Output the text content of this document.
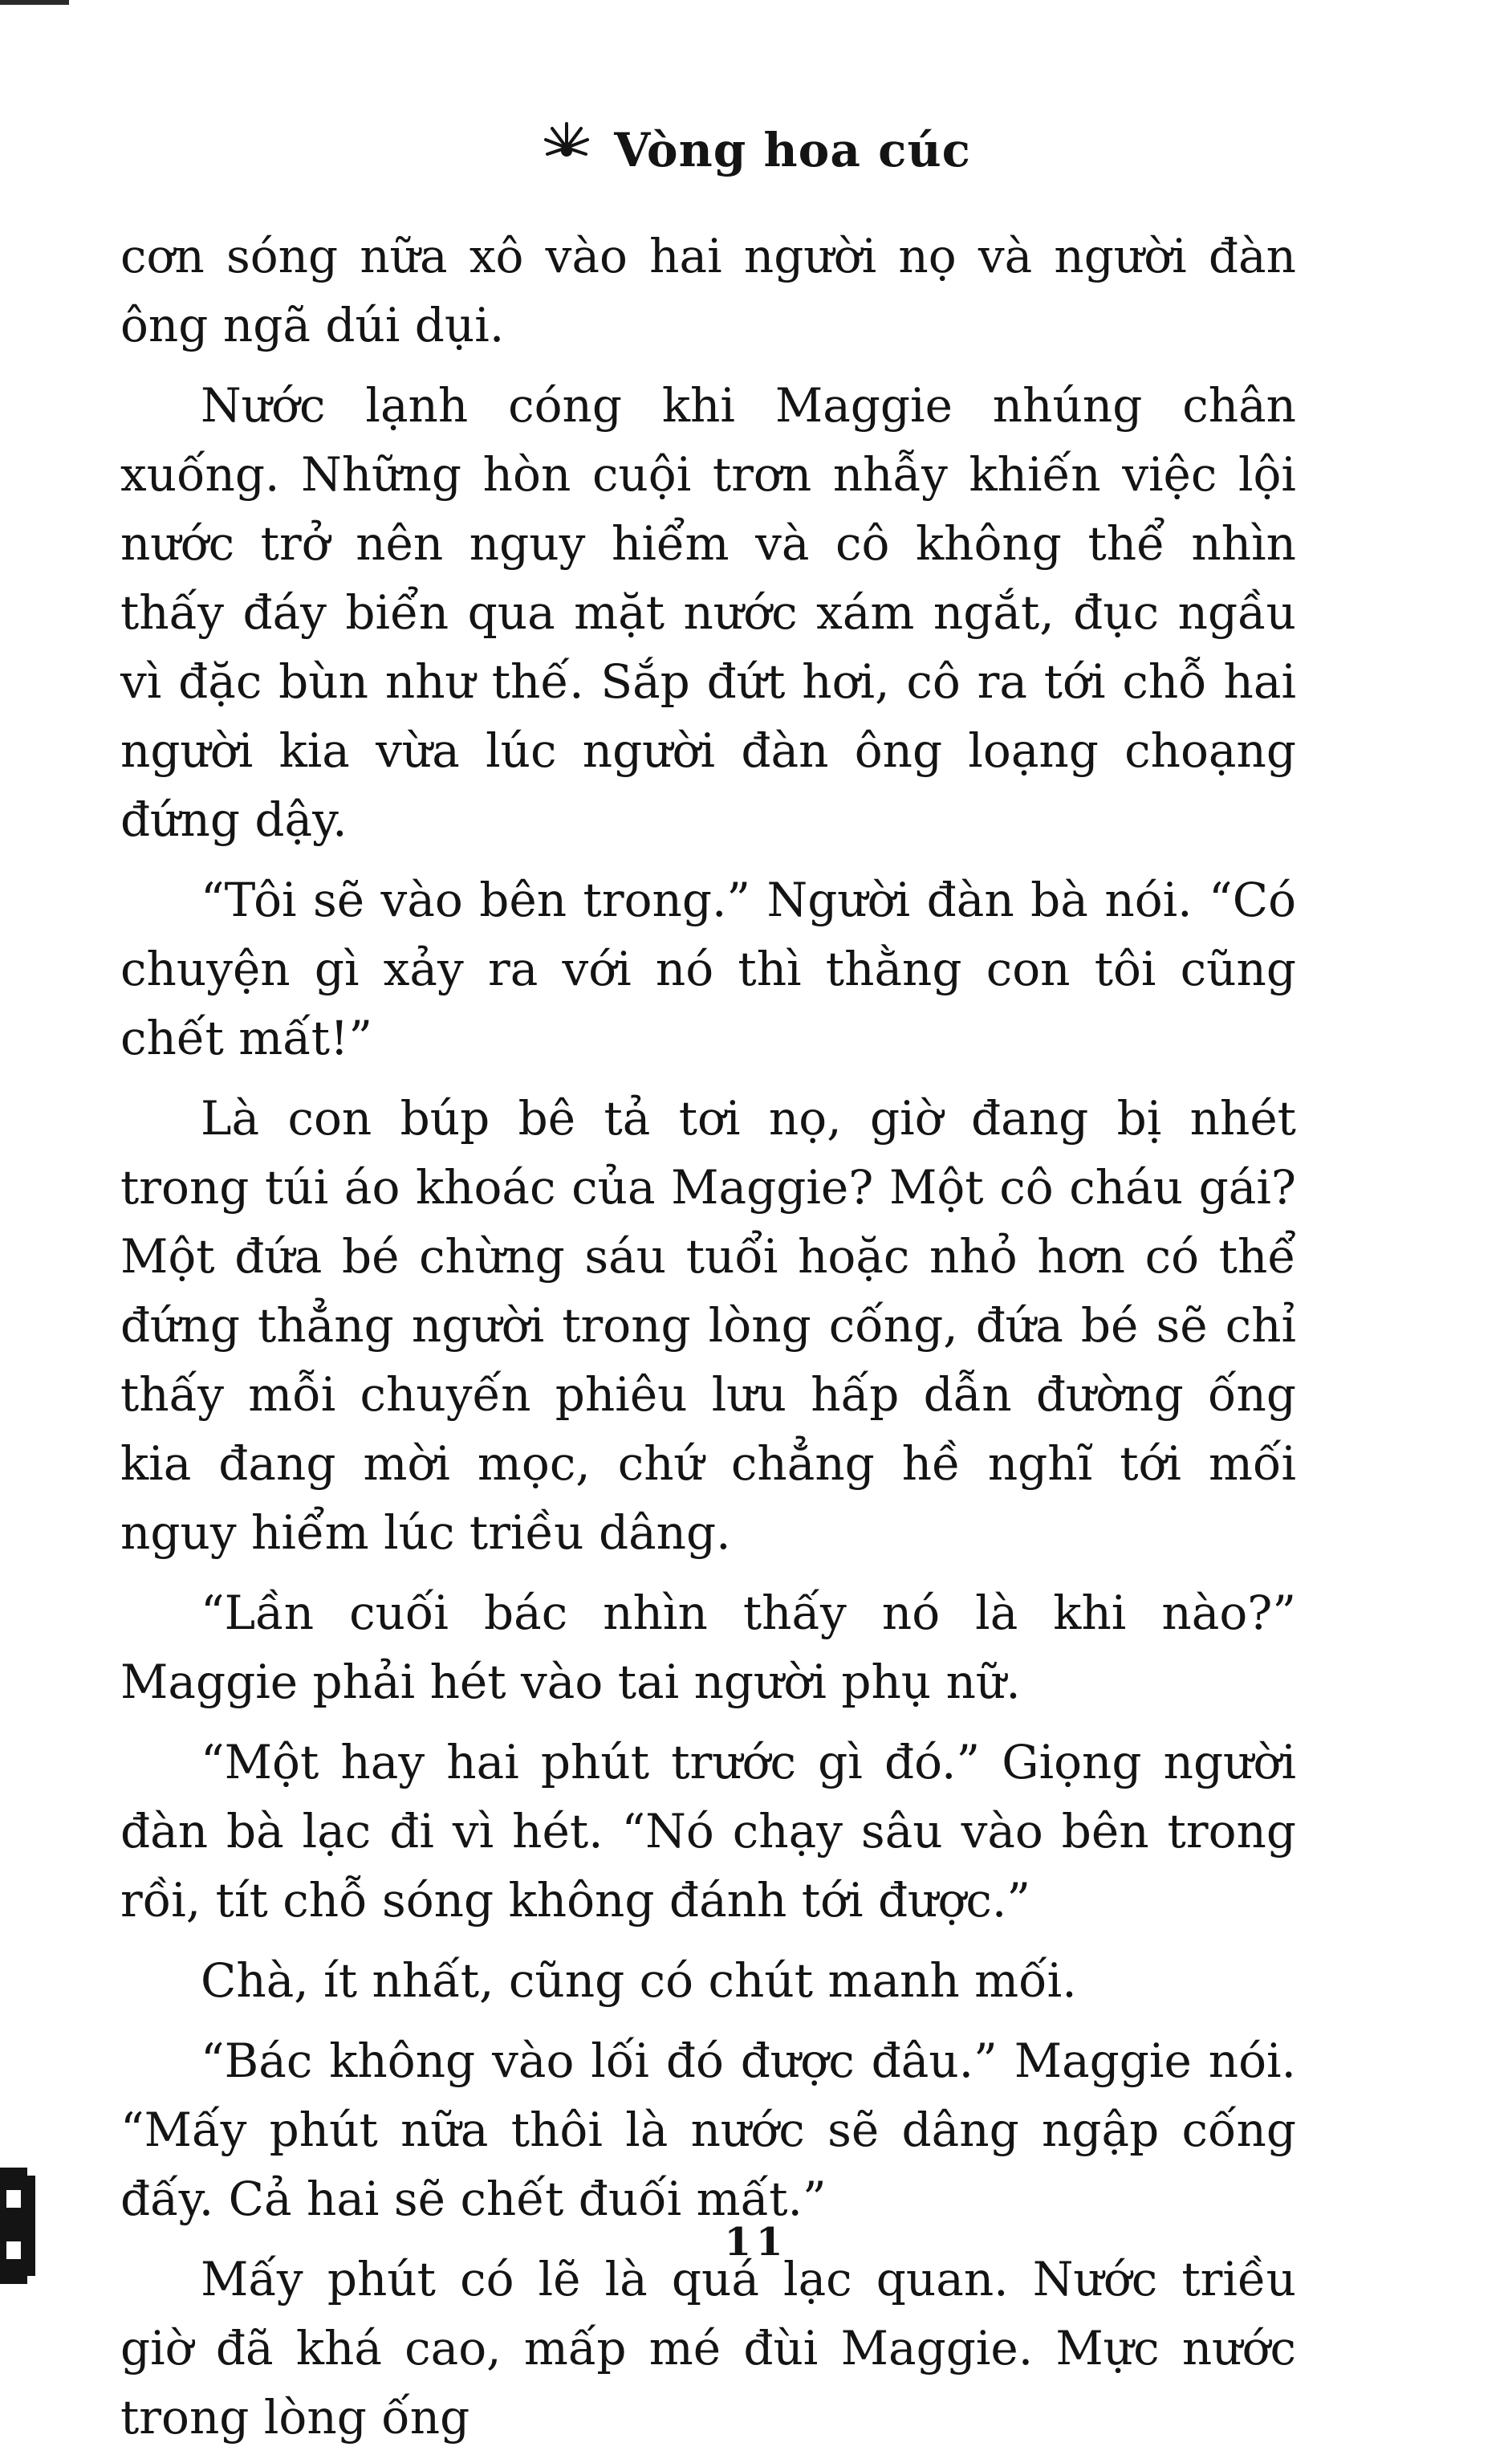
Vòng hoa cúc

cơn sóng nữa xô vào hai người nọ và người đàn ông ngã dúi dụi.

Nước lạnh cóng khi Maggie nhúng chân xuống. Những hòn cuội trơn nhẫy khiến việc lội nước trở nên nguy hiểm và cô không thể nhìn thấy đáy biển qua mặt nước xám ngắt, đục ngầu vì đặc bùn như thế. Sắp đứt hơi, cô ra tới chỗ hai người kia vừa lúc người đàn ông loạng choạng đứng dậy.

“Tôi sẽ vào bên trong.” Người đàn bà nói. “Có chuyện gì xảy ra với nó thì thằng con tôi cũng chết mất!”

Là con búp bê tả tơi nọ, giờ đang bị nhét trong túi áo khoác của Maggie? Một cô cháu gái? Một đứa bé chừng sáu tuổi hoặc nhỏ hơn có thể đứng thẳng người trong lòng cống, đứa bé sẽ chỉ thấy mỗi chuyến phiêu lưu hấp dẫn đường ống kia đang mời mọc, chứ chẳng hề nghĩ tới mối nguy hiểm lúc triều dâng.

“Lần cuối bác nhìn thấy nó là khi nào?” Maggie phải hét vào tai người phụ nữ.

“Một hay hai phút trước gì đó.” Giọng người đàn bà lạc đi vì hét. “Nó chạy sâu vào bên trong rồi, tít chỗ sóng không đánh tới được.”

Chà, ít nhất, cũng có chút manh mối.

“Bác không vào lối đó được đâu.” Maggie nói. “Mấy phút nữa thôi là nước sẽ dâng ngập cống đấy. Cả hai sẽ chết đuối mất.”

Mấy phút có lẽ là quá lạc quan. Nước triều giờ đã khá cao, mấp mé đùi Maggie. Mực nước trong lòng ống

11
